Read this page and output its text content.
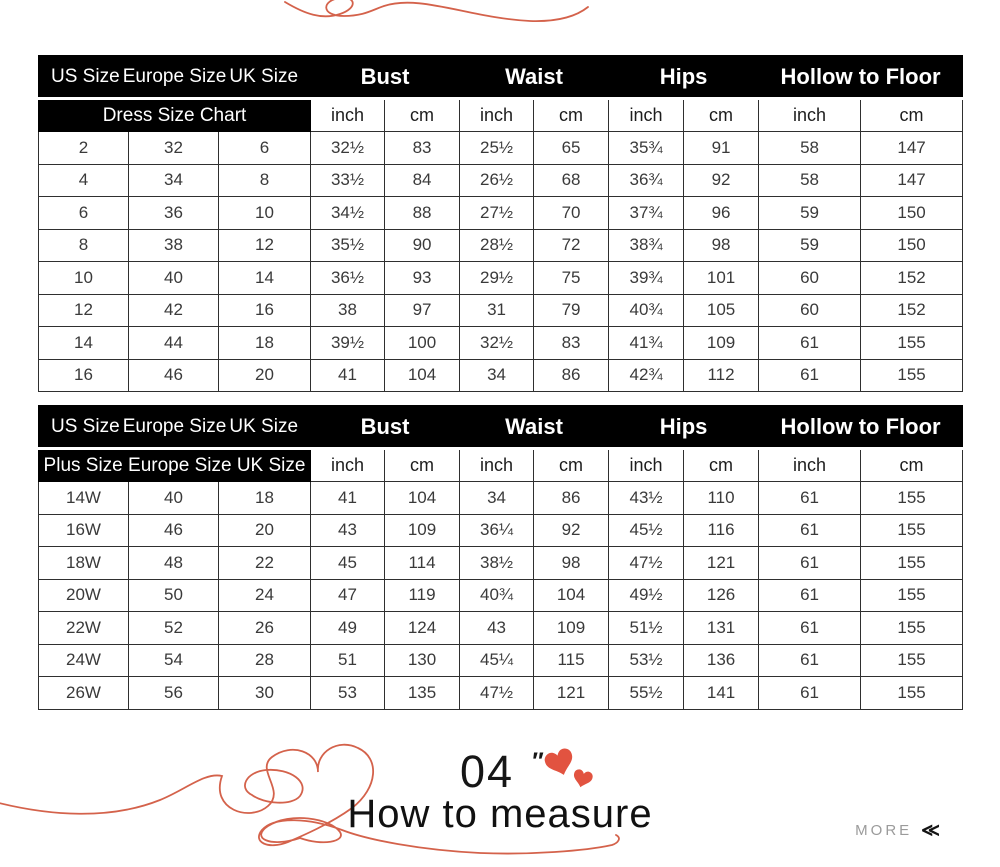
US Size Europe Size UK Size			Bust		Waist		Hips		Hollow to Floor	
Dress Size Chart			inch	cm	inch	cm	inch	cm	inch	cm
2	32	6	32½	83	25½	65	35¾	91	58	147
4	34	8	33½	84	26½	68	36¾	92	58	147
6	36	10	34½	88	27½	70	37¾	96	59	150
8	38	12	35½	90	28½	72	38¾	98	59	150
10	40	14	36½	93	29½	75	39¾	101	60	152
12	42	16	38	97	31	79	40¾	105	60	152
14	44	18	39½	100	32½	83	41¾	109	61	155
16	46	20	41	104	34	86	42¾	112	61	155
US Size Europe Size UK Size			Bust		Waist		Hips		Hollow to Floor	
Plus Size Europe Size UK Size			inch	cm	inch	cm	inch	cm	inch	cm
14W	40	18	41	104	34	86	43½	110	61	155
16W	46	20	43	109	36¼	92	45½	116	61	155
18W	48	22	45	114	38½	98	47½	121	61	155
20W	50	24	47	119	40¾	104	49½	126	61	155
22W	52	26	49	124	43	109	51½	131	61	155
24W	54	28	51	130	45¼	115	53½	136	61	155
26W	56	30	53	135	47½	121	55½	141	61	155
04 ″
How to measure	MORE ≪
